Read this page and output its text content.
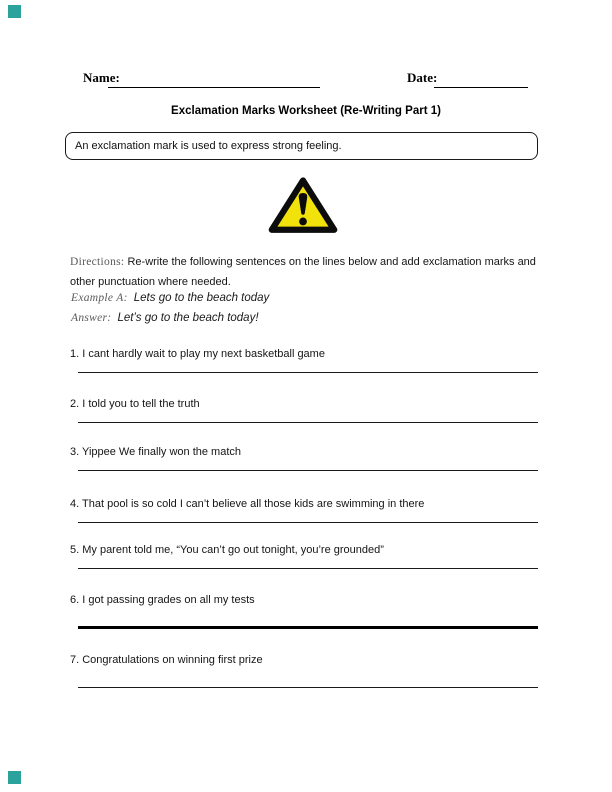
Name:	Date:
Exclamation Marks Worksheet (Re-Writing Part 1)
An exclamation mark is used to express strong feeling.

Directions: Re-write the following sentences on the lines below and add exclamation marks and other punctuation where needed.

Example A: Lets go to the beach today
Answer: Let’s go to the beach today!
1. I cant hardly wait to play my next basketball game
2. I told you to tell the truth
3. Yippee We finally won the match
4. That pool is so cold I can’t believe all those kids are swimming in there
5. My parent told me, “You can’t go out tonight, you’re grounded”
6. I got passing grades on all my tests
7. Congratulations on winning first prize
